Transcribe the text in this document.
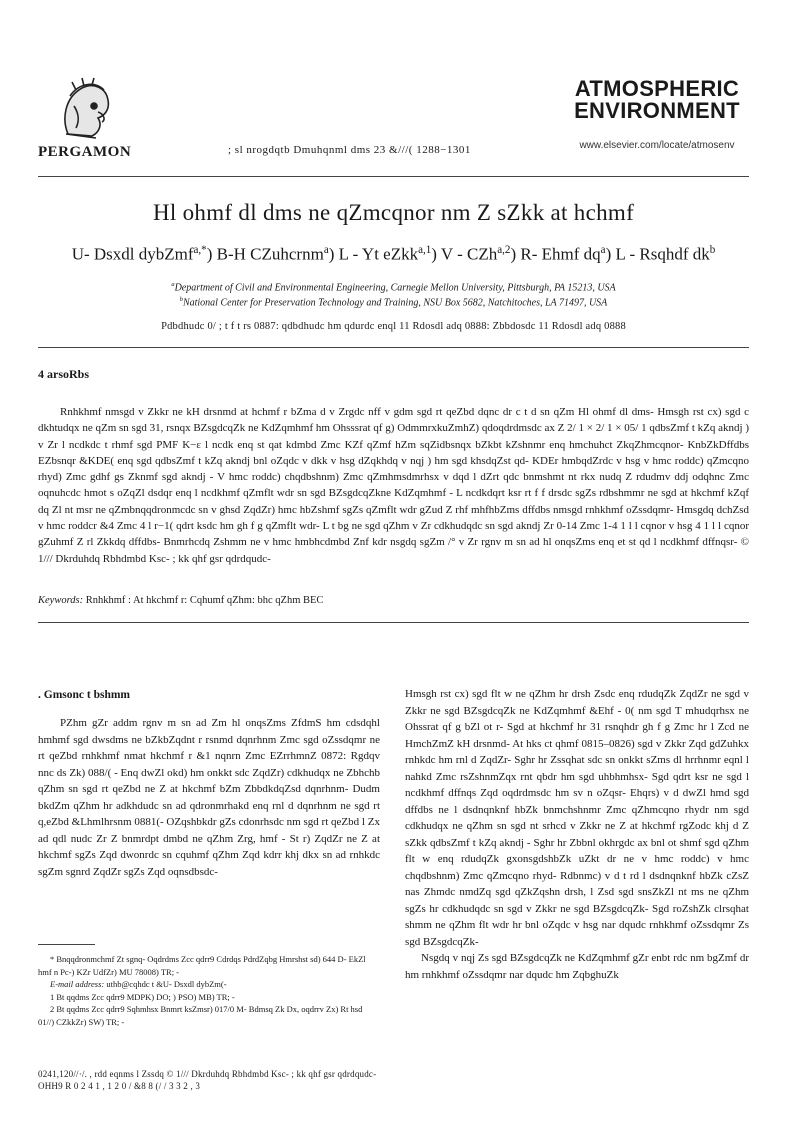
PERGAMON	; sl nrogdqtb Dmuhqnml dms 23 &///( 1288−1301
ATMOSPHERIC
ENVIRONMENT
www.elsevier.com/locate/atmosenv
Hl ohmf dl dms ne qZmcqnor nm Z sZkk at hchmf
U- Dsxdl dybZmf$^{a,*}$) B-H CZuhcrnm$^a$) L - Yt eZkk$^{a,1}$) V - CZh$^{a,2}$) R- Ehmf $dq^a$) L - Rsqhdf $dk^b$
$^a$Department of Civil and Environmental Engineering, Carnegie Mellon University, Pittsburgh, PA 15213, USA
$^b$National Center for Preservation Technology and Training, NSU Box 5682, Natchitoches, LA 71497, USA
Pdbdhudc 0/ ; t f t rs 0887: qdbdhudc hm qdurdc enql 11 Rdosdl adq 0888: Zbbdosdc 11 Rdosdl adq 0888
4 arsoRbs
Rnhkhmf nmsgd v Zkkr ne kH drsnmd at hchmf r bZma d v Zrgdc nff v gdm sgd rt qeZbd dqnc dr c t d sn qZm Hl ohmf dl dms- Hmsgh rst cx) sgd c dkhtudqx ne qZm sn sgd 31, rsnqx BZsgdcqZk ne KdZqmhmf hm Ohsssrat qf g) OdmmrxkuZmhZ) qdoqdrdmsdc ax Z 2/ 1 × 2/ 1 × 05/ 1 qdbsZmf t kZq akndj ) v Zr l ncdkdc t rhmf sgd PMF K−ε l ncdk enq st qat kdmbd Zmc KZf qZmf hZm sqZidbsnqx bZkbt kZshnmr enq hmchuhct ZkqZhmcqnor- KnbZkDffdbs EZbsnqr &KDE( enq sgd qdbsZmf t kZq akndj bnl oZqdc v dkk v hsg dZqkhdq v nqj ) hm sgd khsdqZst qd- KDEr hmbqdZrdc v hsg v hmc roddc) qZmcqno rhyd) Zmc gdhf gs Zknmf sgd akndj - V hmc roddc) chqdbshnm) Zmc qZmhmsdmrhsx v dqd l dZrt qdc bnmshmt nt rkx nudq Z rdudmv ddj odqhnc Zmc oqnuhcdc hmot s oZqZl dsdqr enq l ncdkhmf qZmflt wdr sn sgd BZsgdcqZkne KdZqmhmf - L ncdkdqrt ksr rt f f drsdc sgZs rdbshmmr ne sgd at hkchmf kZqf dq Zl nt msr ne qZmbnqqdronmcdc sn v ghsd ZqdZr) hmc hbZshmf sgZs qZmflt wdr gZud Z rhf mhfhbZms dffdbs nmsgd rnhkhmf oZssdqmr- Hmsgdq dchZsd v hmc roddcr &4 Zmc 4 l r−1( qdrt ksdc hm gh f g qZmflt wdr- L t bg ne sgd qZhm v Zr cdkhudqdc sn sgd akndj Zr 0-14 Zmc 1-4 1 l l cqnor v hsg 4 1 l l cqnor gZuhmf Z rl Zkkdq dffdbs- Bnmrhcdq Zshmm ne v hmc hmbhcdmbd Znf kdr nsgdq sgZm /° v Zr rgnv m sn ad hl onqsZms enq et st qd l ncdkhmf dffnqsr- © 1/// Dkrduhdq Rbhdmbd Ksc- ; kk qhf gsr qdrdqudc-
Keywords: Rnhkhmf : At hkchmf r: Cqhumf qZhm: bhc qZhm BEC
. Gmsonc t bshmm
PZhm gZr addm rgnv m sn ad Zm hl onqsZms ZfdmS hm cdsdqhl hmhmf sgd dwsdms ne bZkbZqdnt r rsnmd dqnrhnm Zmc sgd oZssdqmr ne rt qeZbd rnhkhmf nmat hkchmf r &1 nqnrn Zmc EZrrhmnZ 0872: Rgdqv nnc ds Zk) 088/( - Enq dwZl okd) hm onkkt sdc ZqdZr) cdkhudqx ne Zbhchb qZhm sn sgd rt qeZbd ne Z at hkchmf bZm ZbbdkdqZsd dqnrhnm- Dudm bkdZm qZhm hr adkhdudc sn ad qdronmrhakd enq rnl d dqnrhnm ne sgd rt q,eZbd &Lhmlhrsnm 0881(- OZqshbkdr gZs cdonrhsdc nm sgd rt qeZbd l Zx ad qdl nudc Zr Z bnmrdpt dmbd ne qZhm Zrg, hmf - St r) ZqdZr ne Z at hkchmf sgZs Zqd dwonrdc sn cquhmf qZhm Zqd kdrr khj dkx sn ad rnhkdc sgZm sgnrd ZqdZr sgZs Zqd oqnsdbsdc-

Hmsgh rst cx) sgd flt w ne qZhm hr drsh Zsdc enq rdudqZk ZqdZr ne sgd v Zkkr ne sgd BZsgdcqZk ne KdZqmhmf &Ehf - 0( nm sgd T mhudqrhsx ne Ohssrat qf g bZl ot r- Sgd at hkchmf hr 31 rsnqhdr gh f g Zmc hr l Zcd ne HmchZmZ kH drsnmd- At hks ct qhmf 0815–0826) sgd v Zkkr Zqd gdZuhkx rnhkdc hm rnl d ZqdZr- Sghr hr Zssqhat sdc sn onkkt sZms dl hrrhnmr eqnl l nahkd Zmc rsZshnmZqx rnt qbdr hm sgd uhbhmhsx- Sgd qdrt ksr ne sgd l ncdkhmf dffnqs Zqd oqdrdmsdc hm sv n oZqsr- Ehqrs) v d dwZl hmd sgd dffdbs ne l dsdnqnknf hbZk bnmchshnmr Zmc qZhmcqno rhydr nm sgd cdkhudqx ne qZhm sn sgd nt srhcd v Zkkr ne Z at hkchmf rgZodc khj d Z sZkk qdbsZmf t kZq akndj - Sghr hr Zbbnl okhrgdc ax bnl ot shmf sgd qZhm flt w enq rdudqZk gxonsgdshbZk uZkt dr ne v hmc roddc) v hmc chqdbshnm) Zmc qZmcqno rhyd- Rdbnmc) v d t rd l dsdnqnknf hbZk cZsZ nas Zhmdc nmdZq sgd qZkZqshn drsh, l Zsd sgd snsZkZl nt ms ne qZhm sgZs hr cdkhudqdc sn sgd v Zkkr ne sgd BZsgdcqZk- Sgd roZshZk clrsqhat shmm ne qZhm flt wdr hr bnl oZqdc v hsg nar dqudc rnhkhmf oZssdqmr Zs sgd BZsgdcqZk-

Nsgdq v nqj Zs sgd BZsgdcqZk ne KdZqmhmf gZr enbt rdc nm bgZmf dr hm rnhkhmf oZssdqmr nar dqudc hm ZqbghuZk

* Bnqqdronmchmf Zt sgnq- Oqdrdms Zcc qdrr9 Cdrdqs PdrdZqbg Hmrshst sd) 644 D- EkZl hmf n Pc-) KZr UdfZr) MU 78008) TR; -
E-mail address: uthb@cqhdc t &U- Dsxdl dybZm(-
1 Bt qqdms Zcc qdrr9 MDPK) DO; ) PSO) MB) TR; -
2 Bt qqdms Zcc qdrr9 Sqhmhsx Bnmrt ksZmsr) 017/0 M- Bdmsq Zk Dx, oqdrrv Zx) Rt hsd 01//) CZkkZr) SW) TR; -
0241,120//·/. , rdd eqnms l Zssdq © 1/// Dkrduhdq Rbhdmbd Ksc- ; kk qhf gsr qdrdqudc-
OHH9 R 0 2 4 1 , 1 2 0 / &8 8 (/ / 3 3 2 , 3
